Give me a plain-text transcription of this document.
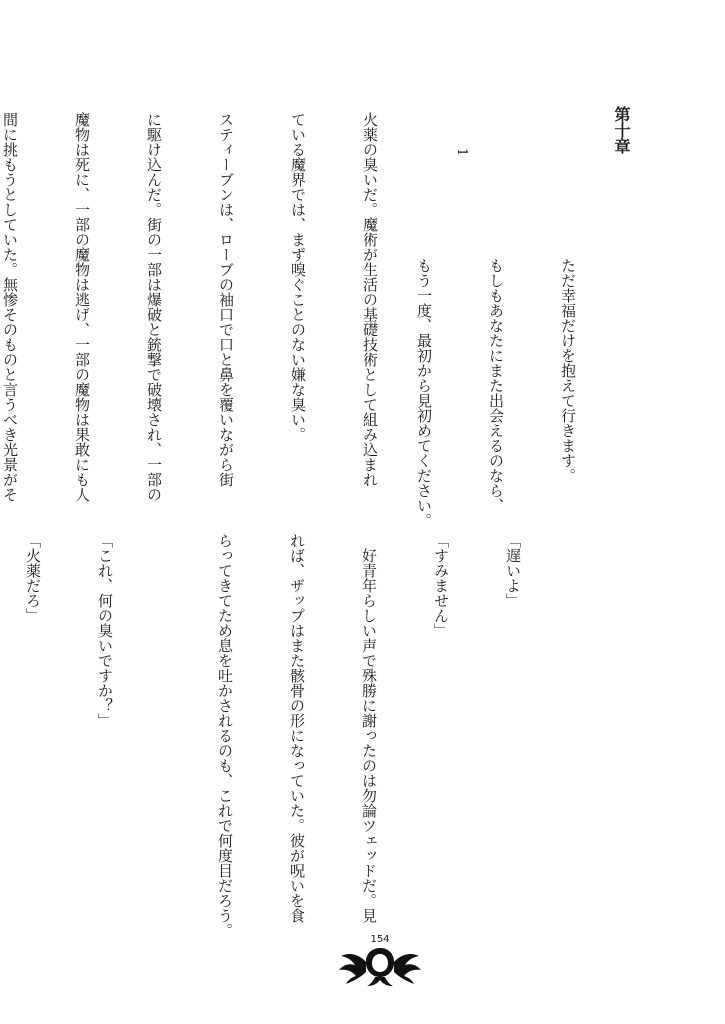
第十章

ただ幸福だけを抱えて行きます。

もしもあなたにまた出会えるのなら、

もう一度、最初から見初めてください。

1

火薬の臭いだ。魔術が生活の基礎技術として組み込まれ

ている魔界では、まず嗅ぐことのない嫌な臭い。

スティーブンは、ローブの袖口で口と鼻を覆いながら街

に駆け込んだ。街の一部は爆破と銃撃で破壊され、一部の

魔物は死に、一部の魔物は逃げ、一部の魔物は果敢にも人

間に挑もうとしていた。無惨そのものと言うべき光景がそ

「遅いよ」

「すみません」

好青年らしい声で殊勝に謝ったのは勿論ツェッドだ。見

れば、ザップはまた骸骨の形になっていた。彼が呪いを食

らってきてため息を吐かされるのも、これで何度目だろう。

「これ、何の臭いですか？」

「火薬だろ」

154
